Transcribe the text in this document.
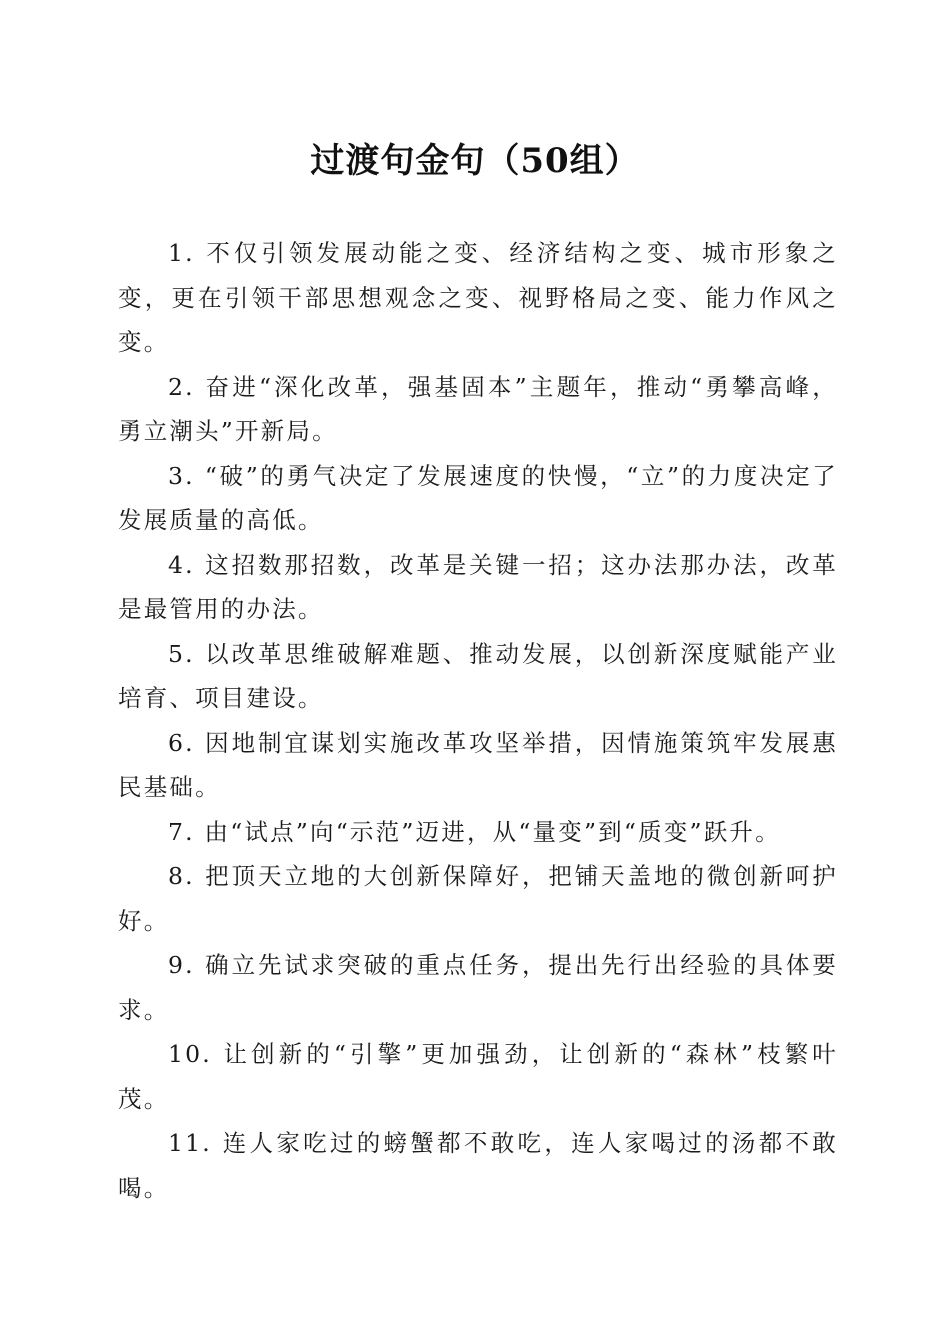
过渡句金句（50组）

1. 不仅引领发展动能之变、经济结构之变、城市形象之变，更在引领干部思想观念之变、视野格局之变、能力作风之变。

2. 奋进“深化改革，强基固本”主题年，推动“勇攀高峰，勇立潮头”开新局。

3. “破”的勇气决定了发展速度的快慢，“立”的力度决定了发展质量的高低。

4. 这招数那招数，改革是关键一招；这办法那办法，改革是最管用的办法。

5. 以改革思维破解难题、推动发展，以创新深度赋能产业培育、项目建设。

6. 因地制宜谋划实施改革攻坚举措，因情施策筑牢发展惠民基础。

7. 由“试点”向“示范”迈进，从“量变”到“质变”跃升。

8. 把顶天立地的大创新保障好，把铺天盖地的微创新呵护好。

9. 确立先试求突破的重点任务，提出先行出经验的具体要求。

10. 让创新的“引擎”更加强劲，让创新的“森林”枝繁叶茂。

11. 连人家吃过的螃蟹都不敢吃，连人家喝过的汤都不敢喝。
